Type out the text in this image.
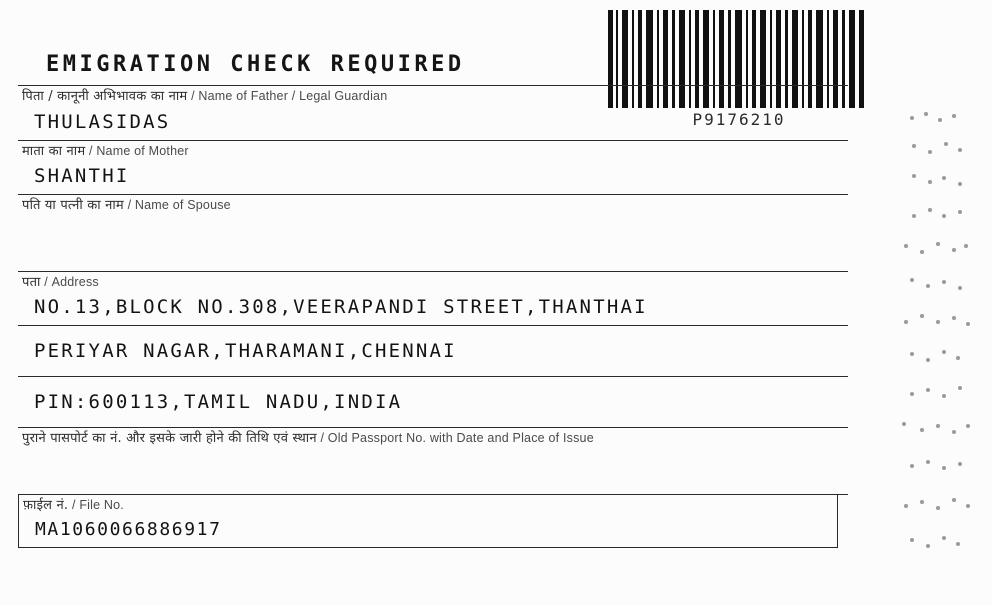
P9176210
EMIGRATION CHECK REQUIRED
पिता / कानूनी अभिभावक का नाम / Name of Father / Legal Guardian
THULASIDAS
माता का नाम / Name of Mother
SHANTHI
पति या पत्नी का नाम / Name of Spouse
पता / Address
NO.13,BLOCK NO.308,VEERAPANDI STREET,THANTHAI
PERIYAR NAGAR,THARAMANI,CHENNAI
PIN:600113,TAMIL NADU,INDIA
पुराने पासपोर्ट का नं. और इसके जारी होने की तिथि एवं स्थान / Old Passport No. with Date and Place of Issue
फ़ाईल नं. / File No.
MA1060066886917
